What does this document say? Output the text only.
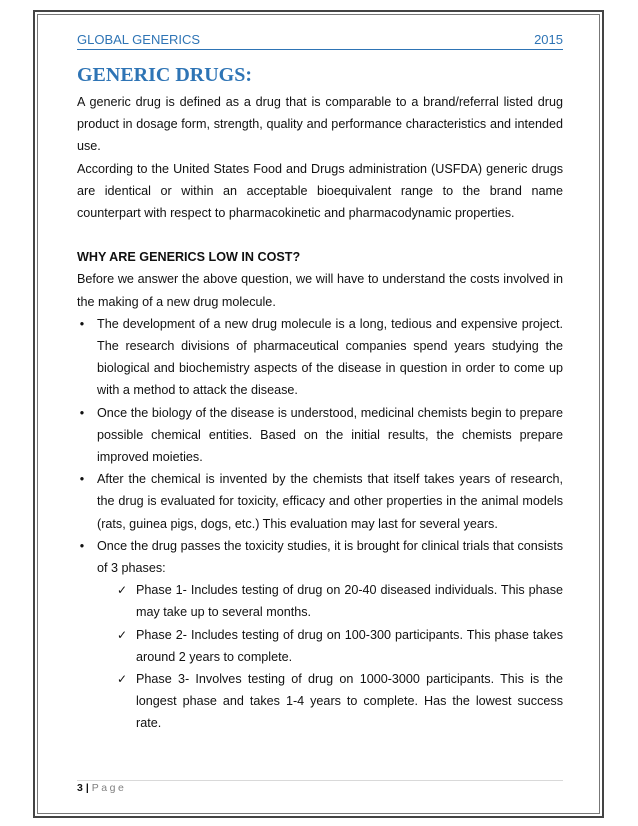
GLOBAL GENERICS	2015
GENERIC DRUGS:

A generic drug is defined as a drug that is comparable to a brand/referral listed drug product in dosage form, strength, quality and performance characteristics and intended use.

According to the United States Food and Drugs administration (USFDA) generic drugs are identical or within an acceptable bioequivalent range to the brand name counterpart with respect to pharmacokinetic and pharmacodynamic properties.

WHY ARE GENERICS LOW IN COST?

Before we answer the above question, we will have to understand the costs involved in the making of a new drug molecule.

• The development of a new drug molecule is a long, tedious and expensive project. The research divisions of pharmaceutical companies spend years studying the biological and biochemistry aspects of the disease in question in order to come up with a method to attack the disease.
• Once the biology of the disease is understood, medicinal chemists begin to prepare possible chemical entities. Based on the initial results, the chemists prepare improved moieties.
• After the chemical is invented by the chemists that itself takes years of research, the drug is evaluated for toxicity, efficacy and other properties in the animal models (rats, guinea pigs, dogs, etc.) This evaluation may last for several years.
• Once the drug passes the toxicity studies, it is brought for clinical trials that consists of 3 phases:
✓ Phase 1- Includes testing of drug on 20-40 diseased individuals. This phase may take up to several months.
✓ Phase 2- Includes testing of drug on 100-300 participants. This phase takes around 2 years to complete.
✓ Phase 3- Involves testing of drug on 1000-3000 participants. This is the longest phase and takes 1-4 years to complete. Has the lowest success rate.
3 | Page
